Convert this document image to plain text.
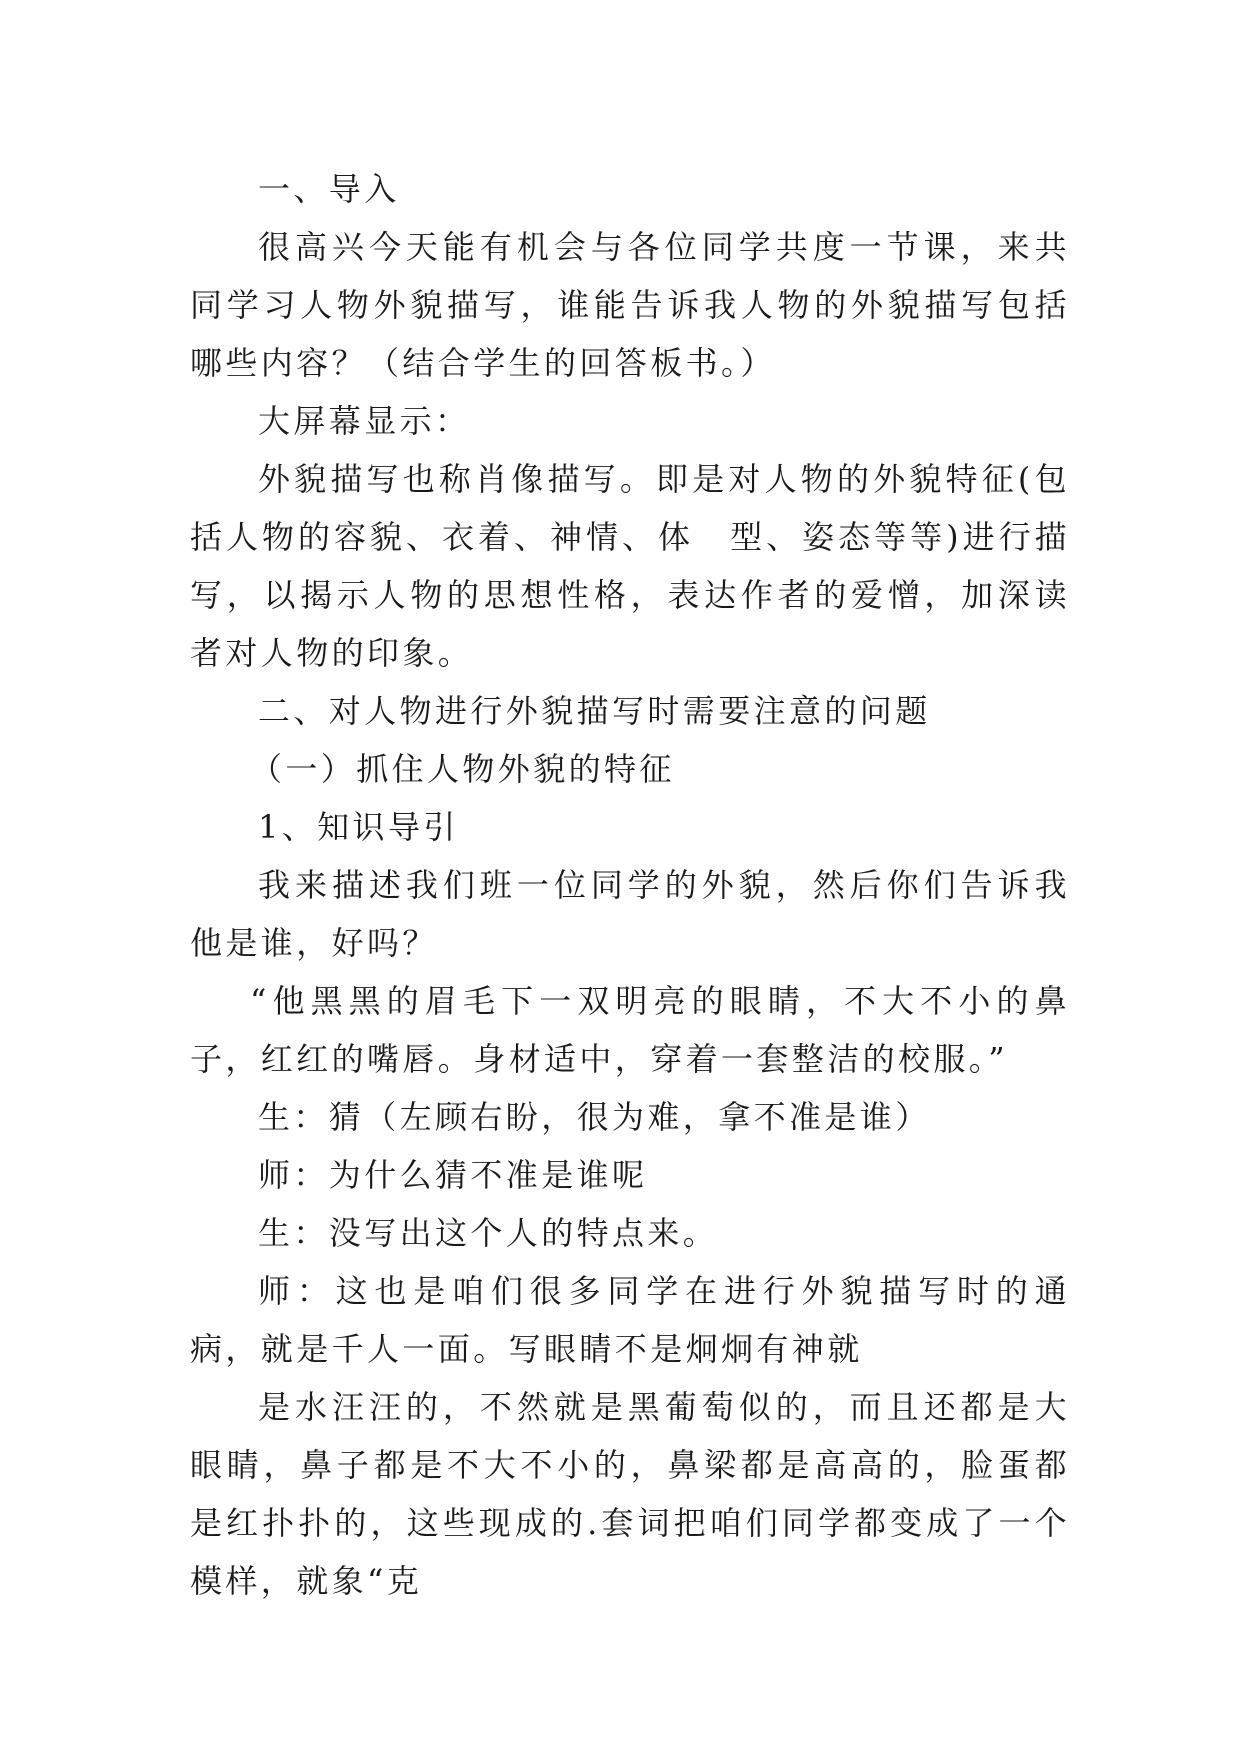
一、导入

很高兴今天能有机会与各位同学共度一节课，来共同学习人物外貌描写，谁能告诉我人物的外貌描写包括哪些内容？（结合学生的回答板书。）

大屏幕显示：

外貌描写也称肖像描写。即是对人物的外貌特征(包括人物的容貌、衣着、神情、体　型、姿态等等)进行描写，以揭示人物的思想性格，表达作者的爱憎，加深读者对人物的印象。

二、对人物进行外貌描写时需要注意的问题

（一）抓住人物外貌的特征

1、知识导引

我来描述我们班一位同学的外貌，然后你们告诉我他是谁，好吗？

“他黑黑的眉毛下一双明亮的眼睛，不大不小的鼻子，红红的嘴唇。身材适中，穿着一套整洁的校服。”

生：猜（左顾右盼，很为难，拿不准是谁）

师：为什么猜不准是谁呢

生：没写出这个人的特点来。

师：这也是咱们很多同学在进行外貌描写时的通病，就是千人一面。写眼睛不是炯炯有神就

是水汪汪的，不然就是黑葡萄似的，而且还都是大眼睛，鼻子都是不大不小的，鼻梁都是高高的，脸蛋都是红扑扑的，这些现成的.套词把咱们同学都变成了一个模样，就象“克
